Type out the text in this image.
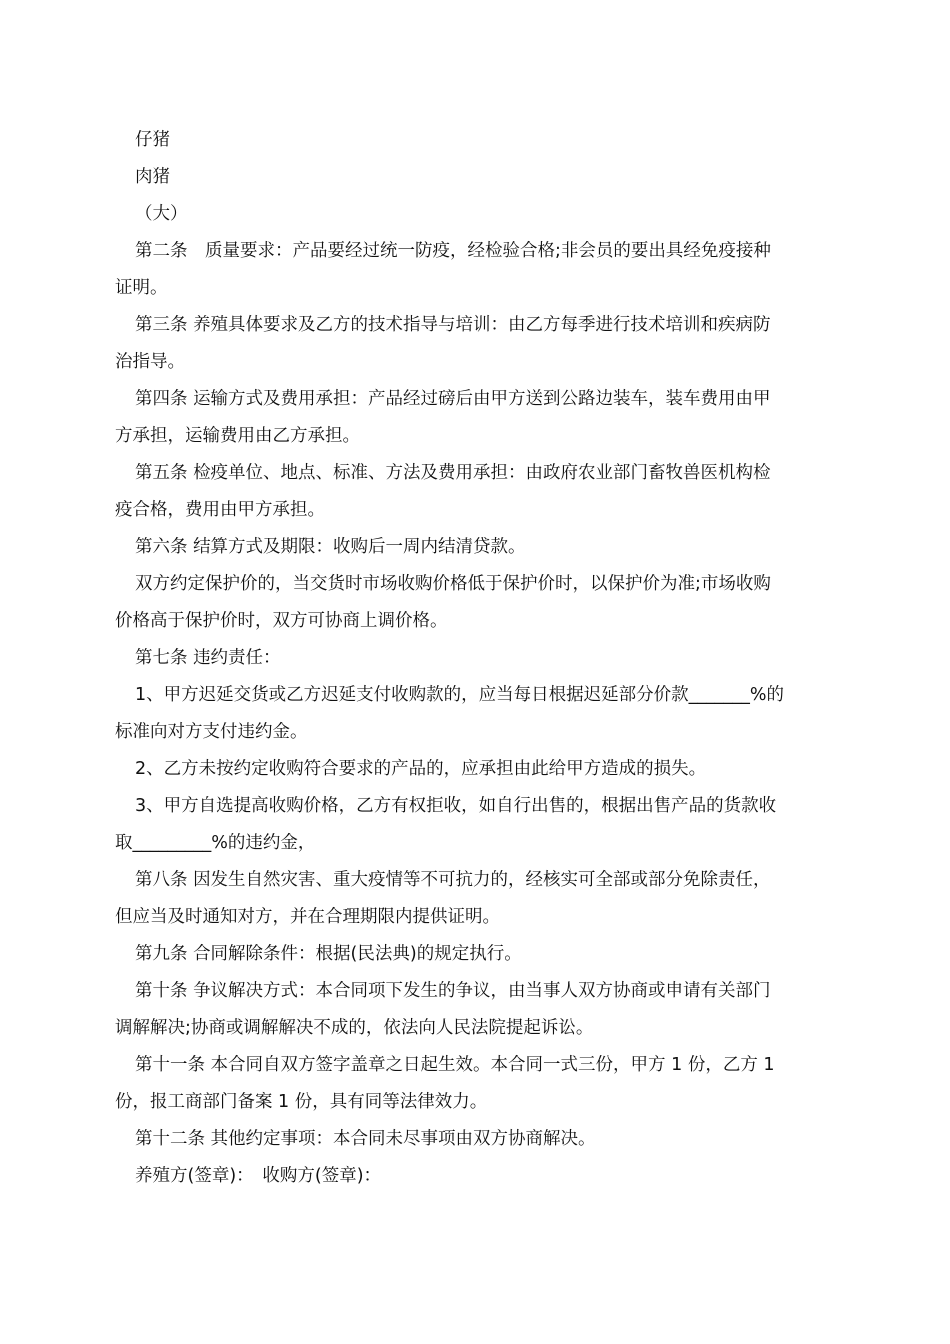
仔猪
肉猪
（大）
第二条　质量要求：产品要经过统一防疫，经检验合格;非会员的要出具经免疫接种
证明。
第三条 养殖具体要求及乙方的技术指导与培训：由乙方每季进行技术培训和疾病防
治指导。
第四条 运输方式及费用承担：产品经过磅后由甲方送到公路边装车，装车费用由甲
方承担，运输费用由乙方承担。
第五条 检疫单位、地点、标准、方法及费用承担：由政府农业部门畜牧兽医机构检
疫合格，费用由甲方承担。
第六条 结算方式及期限：收购后一周内结清贷款。
双方约定保护价的，当交货时市场收购价格低于保护价时，以保护价为准;市场收购
价格高于保护价时，双方可协商上调价格。
第七条 违约责任：
1、甲方迟延交货或乙方迟延支付收购款的，应当每日根据迟延部分价款_______%的
标准向对方支付违约金。
2、乙方未按约定收购符合要求的产品的，应承担由此给甲方造成的损失。
3、甲方自选提高收购价格，乙方有权拒收，如自行出售的，根据出售产品的货款收
取_________%的违约金，
第八条 因发生自然灾害、重大疫情等不可抗力的，经核实可全部或部分免除责任，
但应当及时通知对方，并在合理期限内提供证明。
第九条 合同解除条件：根据(民法典)的规定执行。
第十条 争议解决方式：本合同项下发生的争议，由当事人双方协商或申请有关部门
调解解决;协商或调解解决不成的，依法向人民法院提起诉讼。
第十一条 本合同自双方签字盖章之日起生效。本合同一式三份，甲方 1 份，乙方 1
份，报工商部门备案 1 份，具有同等法律效力。
第十二条 其他约定事项：本合同未尽事项由双方协商解决。
养殖方(签章)：　收购方(签章)：
